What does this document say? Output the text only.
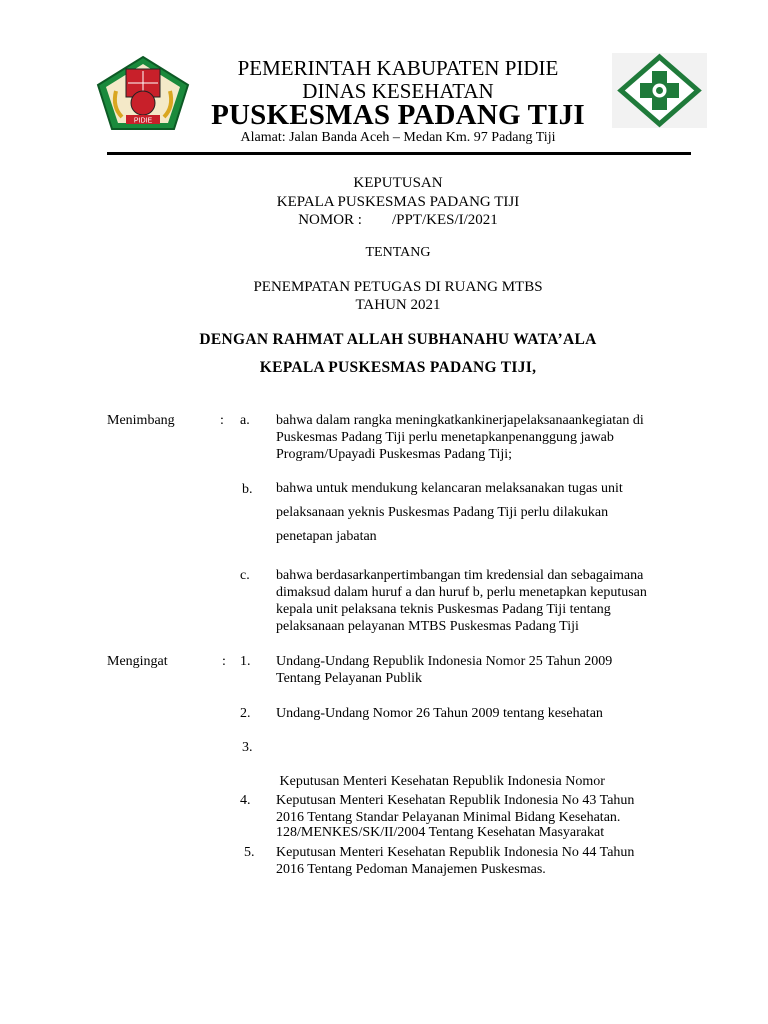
PIDIE
PEMERINTAH KABUPATEN PIDIE
DINAS KESEHATAN
PUSKESMAS PADANG TIJI
Alamat: Jalan Banda Aceh – Medan Km. 97 Padang Tiji
KEPUTUSAN
KEPALA PUSKESMAS PADANG TIJI
NOMOR :        /PPT/KES/I/2021
TENTANG
PENEMPATAN PETUGAS DI RUANG MTBS
TAHUN 2021
DENGAN RAHMAT ALLAH SUBHANAHU WATA’ALA
KEPALA PUSKESMAS PADANG TIJI,
Menimbang	: a. bahwa dalam rangka meningkatkankinerjapelaksanaankegiatan di
Puskesmas Padang Tiji perlu menetapkanpenanggung jawab
Program/Upayadi Puskesmas Padang Tiji;
b. bahwa untuk mendukung kelancaran melaksanakan tugas unit
pelaksanaan yeknis Puskesmas Padang Tiji perlu dilakukan
penetapan jabatan
c. bahwa berdasarkanpertimbangan tim kredensial dan sebagaimana
dimaksud dalam huruf a dan huruf b, perlu menetapkan keputusan
kepala unit pelaksana teknis Puskesmas Padang Tiji tentang
pelaksanaan pelayanan MTBS Puskesmas Padang Tiji
Mengingat	: 1. Undang-Undang Republik Indonesia Nomor 25 Tahun 2009
Tentang Pelayanan Publik
2. Undang-Undang Nomor 26 Tahun 2009 tentang kesehatan
3.

Keputusan Menteri Kesehatan Republik Indonesia Nomor

128/MENKES/SK/II/2004 Tentang Kesehatan Masyarakat

4. Keputusan Menteri Kesehatan Republik Indonesia No 43 Tahun
2016 Tentang Standar Pelayanan Minimal Bidang Kesehatan.
5. Keputusan Menteri Kesehatan Republik Indonesia No 44 Tahun
2016 Tentang Pedoman Manajemen Puskesmas.
